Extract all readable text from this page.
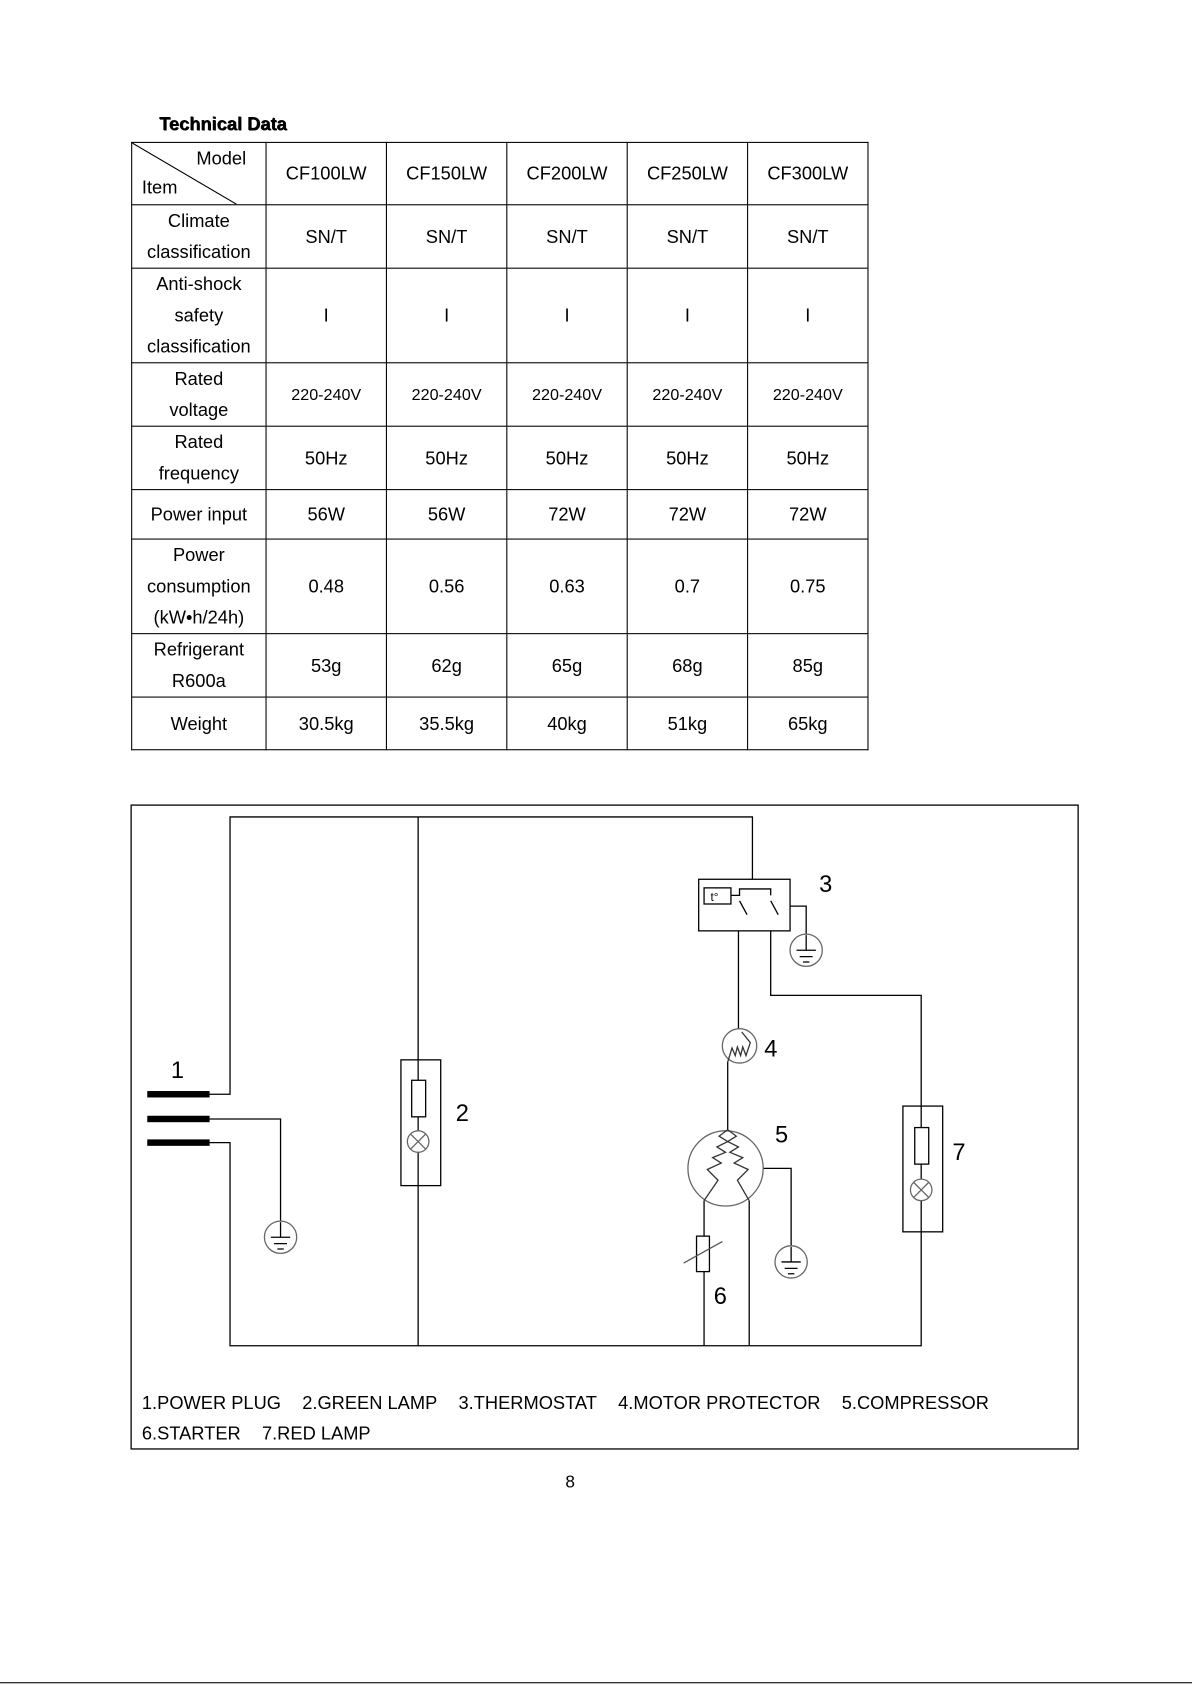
Technical Data
Model
Item	CF100LW	CF150LW	CF200LW	CF250LW	CF300LW

Climate
classification	SN/T	SN/T	SN/T	SN/T	SN/T

Anti-shock
safety
classification	I	I	I	I	I

Rated
voltage	220-240V	220-240V	220-240V	220-240V	220-240V

Rated
frequency	50Hz	50Hz	50Hz	50Hz	50Hz

Power input	56W	56W	72W	72W	72W

Power
consumption
(kW•h/24h)	0.48	0.56	0.63	0.7	0.75

Refrigerant
R600a	53g	62g	65g	68g	85g

Weight	30.5kg	35.5kg	40kg	51kg	65kg
t°
1
2
3
4
5
6
7
1.POWER PLUG 2.GREEN LAMP 3.THERMOSTAT 4.MOTOR PROTECTOR 5.COMPRESSOR
6.STARTER 7.RED LAMP
8
